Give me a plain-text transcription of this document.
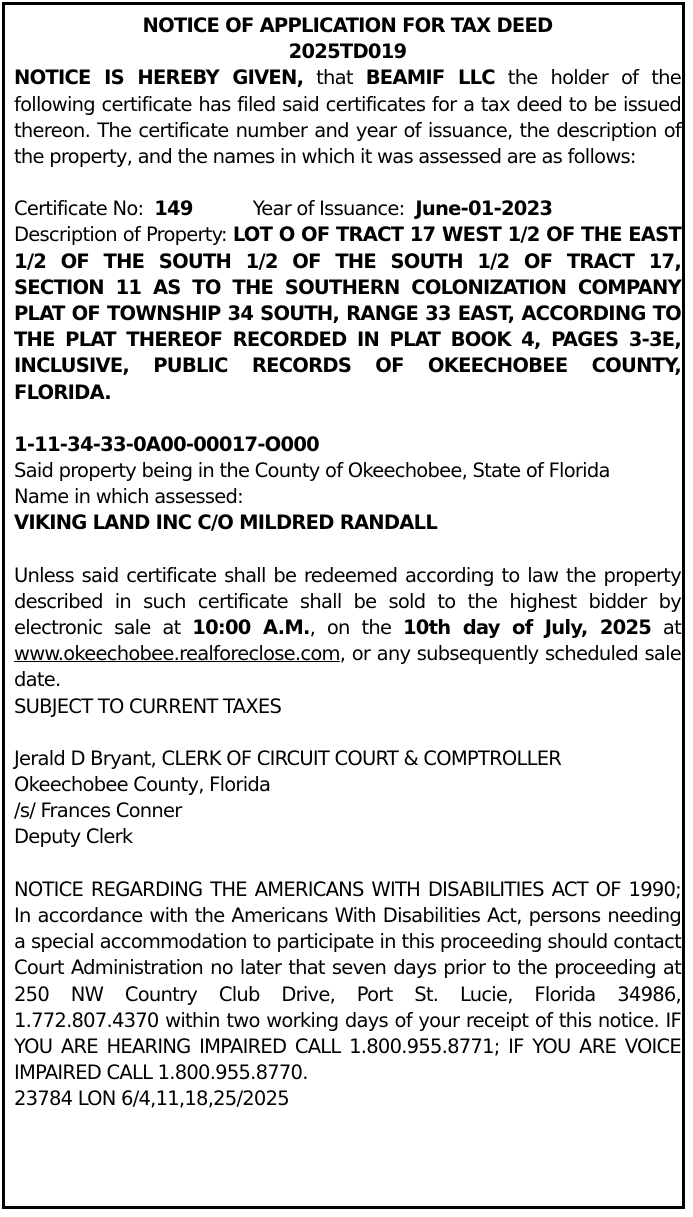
NOTICE OF APPLICATION FOR TAX DEED
2025TD019
NOTICE IS HEREBY GIVEN, that BEAMIF LLC the holder of the following certificate has filed said certificates for a tax deed to be issued thereon. The certificate number and year of issuance, the description of the property, and the names in which it was assessed are as follows:
Certificate No: 149	Year of Issuance: June-01-2023
Description of Property: LOT O OF TRACT 17 WEST 1/2 OF THE EAST 1/2 OF THE SOUTH 1/2 OF THE SOUTH 1/2 OF TRACT 17, SECTION 11 AS TO THE SOUTHERN COLONIZATION COMPANY PLAT OF TOWNSHIP 34 SOUTH, RANGE 33 EAST, ACCORDING TO THE PLAT THEREOF RECORDED IN PLAT BOOK 4, PAGES 3-3E, INCLUSIVE, PUBLIC RECORDS OF OKEECHOBEE COUNTY, FLORIDA.
1-11-34-33-0A00-00017-O000
Said property being in the County of Okeechobee, State of Florida
Name in which assessed:
VIKING LAND INC C/O MILDRED RANDALL
Unless said certificate shall be redeemed according to law the property described in such certificate shall be sold to the highest bidder by electronic sale at 10:00 A.M., on the 10th day of July, 2025 at www.okeechobee.realforeclose.com, or any subsequently scheduled sale date.
SUBJECT TO CURRENT TAXES
Jerald D Bryant, CLERK OF CIRCUIT COURT & COMPTROLLER
Okeechobee County, Florida
/s/ Frances Conner
Deputy Clerk
NOTICE REGARDING THE AMERICANS WITH DISABILITIES ACT OF 1990; In accordance with the Americans With Disabilities Act, persons needing a special accommodation to participate in this proceeding should contact Court Administration no later that seven days prior to the proceeding at 250 NW Country Club Drive, Port St. Lucie, Florida 34986, 1.772.807.4370 within two working days of your receipt of this notice. IF YOU ARE HEARING IMPAIRED CALL 1.800.955.8771; IF YOU ARE VOICE IMPAIRED CALL 1.800.955.8770.
23784 LON 6/4,11,18,25/2025
